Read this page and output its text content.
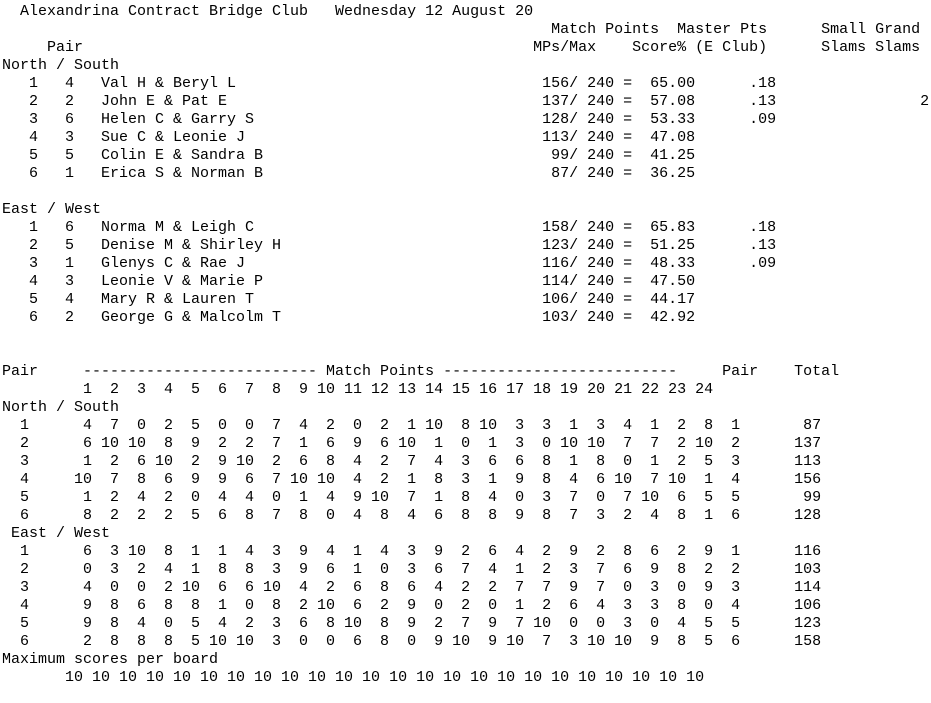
Alexandrina Contract Bridge Club   Wednesday 12 August 20
Match Points  Master Pts      Small Grand
Pair                                                  MPs/Max    Score% (E Club)      Slams Slams
North / South
1   4   Val H & Beryl L                                  156/ 240 =  65.00      .18
2   2   John E & Pat E                                   137/ 240 =  57.08      .13                2
3   6   Helen C & Garry S                                128/ 240 =  53.33      .09
4   3   Sue C & Leonie J                                 113/ 240 =  47.08
5   5   Colin E & Sandra B                                99/ 240 =  41.25
6   1   Erica S & Norman B                                87/ 240 =  36.25
East / West
1   6   Norma M & Leigh C                                158/ 240 =  65.83      .18
2   5   Denise M & Shirley H                             123/ 240 =  51.25      .13
3   1   Glenys C & Rae J                                 116/ 240 =  48.33      .09
4   3   Leonie V & Marie P                               114/ 240 =  47.50
5   4   Mary R & Lauren T                                106/ 240 =  44.17
6   2   George G & Malcolm T                             103/ 240 =  42.92
Pair     -------------------------- Match Points --------------------------     Pair    Total
1  2  3  4  5  6  7  8  9 10 11 12 13 14 15 16 17 18 19 20 21 22 23 24
North / South
1      4  7  0  2  5  0  0  7  4  2  0  2  1 10  8 10  3  3  1  3  4  1  2  8  1       87
2      6 10 10  8  9  2  2  7  1  6  9  6 10  1  0  1  3  0 10 10  7  7  2 10  2      137
3      1  2  6 10  2  9 10  2  6  8  4  2  7  4  3  6  6  8  1  8  0  1  2  5  3      113
4     10  7  8  6  9  9  6  7 10 10  4  2  1  8  3  1  9  8  4  6 10  7 10  1  4      156
5      1  2  4  2  0  4  4  0  1  4  9 10  7  1  8  4  0  3  7  0  7 10  6  5  5       99
6      8  2  2  2  5  6  8  7  8  0  4  8  4  6  8  8  9  8  7  3  2  4  8  1  6      128
East / West
1      6  3 10  8  1  1  4  3  9  4  1  4  3  9  2  6  4  2  9  2  8  6  2  9  1      116
2      0  3  2  4  1  8  8  3  9  6  1  0  3  6  7  4  1  2  3  7  6  9  8  2  2      103
3      4  0  0  2 10  6  6 10  4  2  6  8  6  4  2  2  7  7  9  7  0  3  0  9  3      114
4      9  8  6  8  8  1  0  8  2 10  6  2  9  0  2  0  1  2  6  4  3  3  8  0  4      106
5      9  8  4  0  5  4  2  3  6  8 10  8  9  2  7  9  7 10  0  0  3  0  4  5  5      123
6      2  8  8  8  5 10 10  3  0  0  6  8  0  9 10  9 10  7  3 10 10  9  8  5  6      158
Maximum scores per board
10 10 10 10 10 10 10 10 10 10 10 10 10 10 10 10 10 10 10 10 10 10 10 10
